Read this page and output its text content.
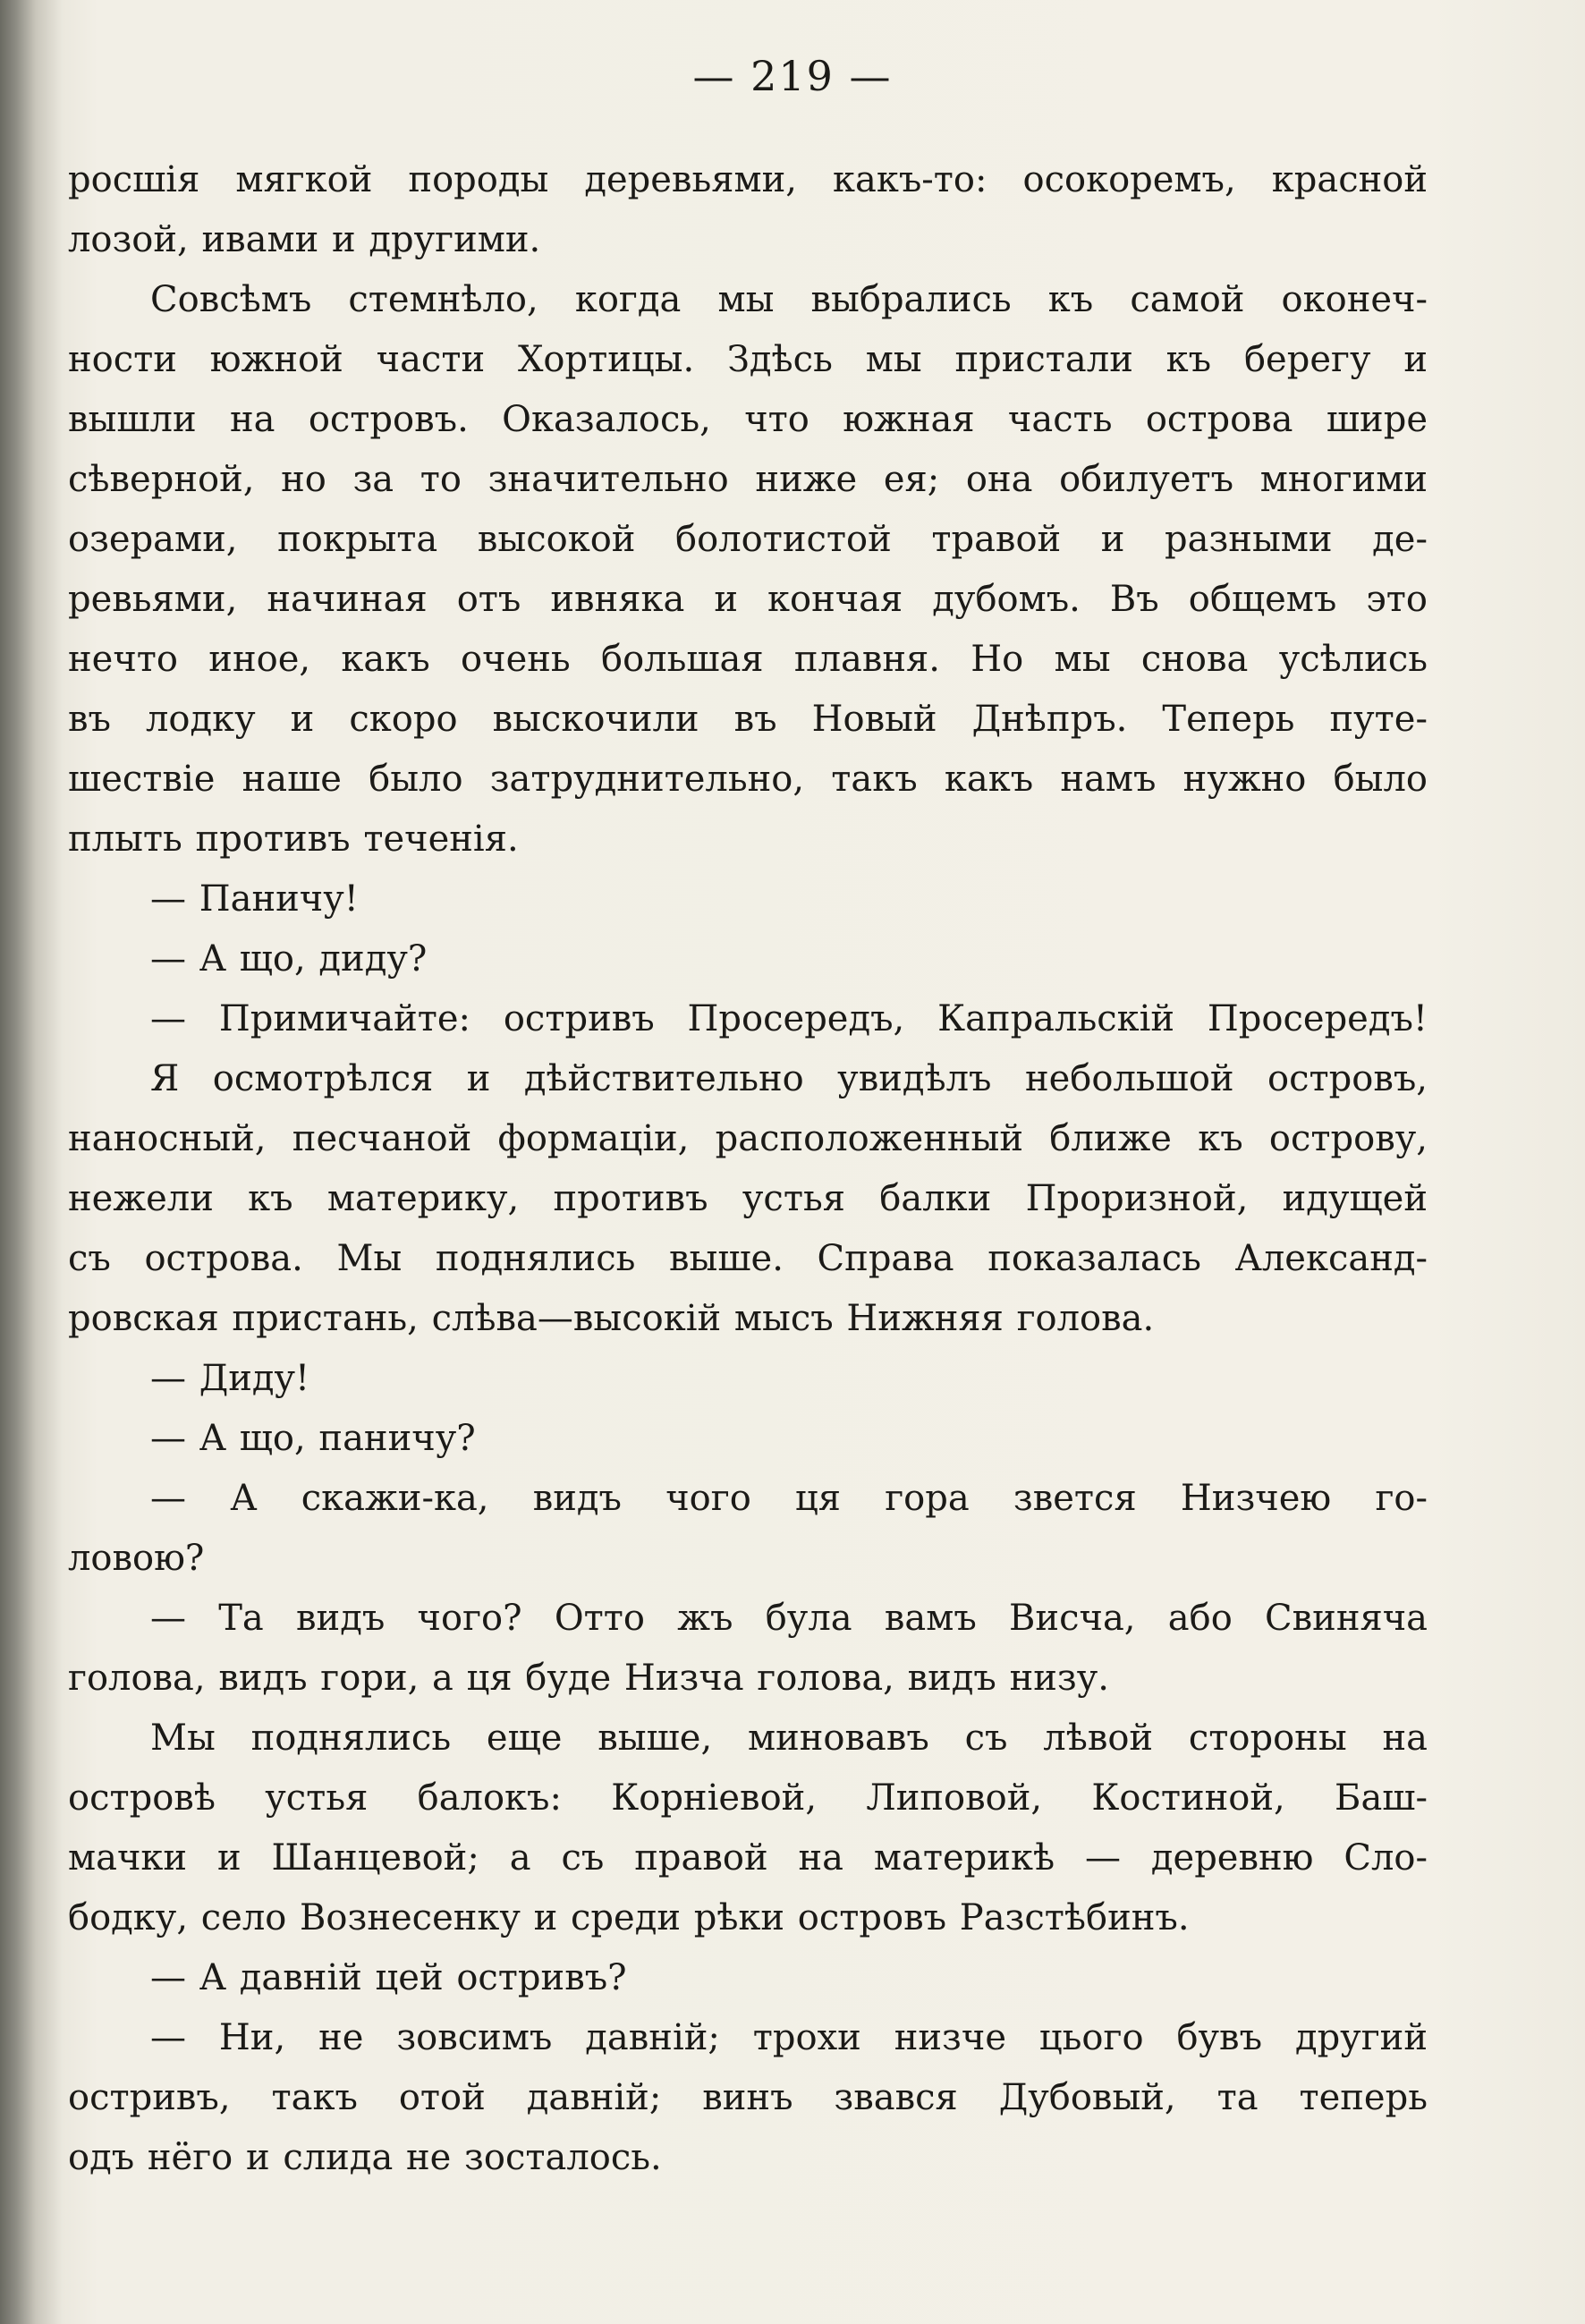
— 219 —
росшія мягкой породы деревьями, какъ-то: осокоремъ, красной
лозой, ивами и другими.
Совсѣмъ стемнѣло, когда мы выбрались къ самой оконеч-
ности южной части Хортицы. Здѣсь мы пристали къ берегу и
вышли на островъ. Оказалось, что южная часть острова шире
сѣверной, но за то значительно ниже ея; она обилуетъ многими
озерами, покрыта высокой болотистой травой и разными де-
ревьями, начиная отъ ивняка и кончая дубомъ. Въ общемъ это
нечто иное, какъ очень большая плавня. Но мы снова усѣлись
въ лодку и скоро выскочили въ Новый Днѣпръ. Теперь путе-
шествіе наше было затруднительно, такъ какъ намъ нужно было
плыть противъ теченія.
— Паничу!
— А що, диду?
— Примичайте: остривъ Просередъ, Капральскій Просередъ!
Я осмотрѣлся и дѣйствительно увидѣлъ небольшой островъ,
наносный, песчаной формаціи, расположенный ближе къ острову,
нежели къ материку, противъ устья балки Проризной, идущей
съ острова. Мы поднялись выше. Справа показалась Александ-
ровская пристань, слѣва—высокій мысъ Нижняя голова.
— Диду!
— А що, паничу?
— А скажи-ка, видъ чого ця гора звется Низчею го-
ловою?
— Та видъ чого? Отто жъ була вамъ Висча, або Свиняча
голова, видъ гори, а ця буде Низча голова, видъ низу.
Мы поднялись еще выше, миновавъ съ лѣвой стороны на
островѣ устья балокъ: Корніевой, Липовой, Костиной, Баш-
мачки и Шанцевой; а съ правой на материкѣ — деревню Сло-
бодку, село Вознесенку и среди рѣки островъ Разстѣбинъ.
— А давній цей остривъ?
— Ни, не зовсимъ давній; трохи низче цього бувъ другий
остривъ, такъ отой давній; винъ звався Дубовый, та теперь
одъ нёго и слида не зосталось.
